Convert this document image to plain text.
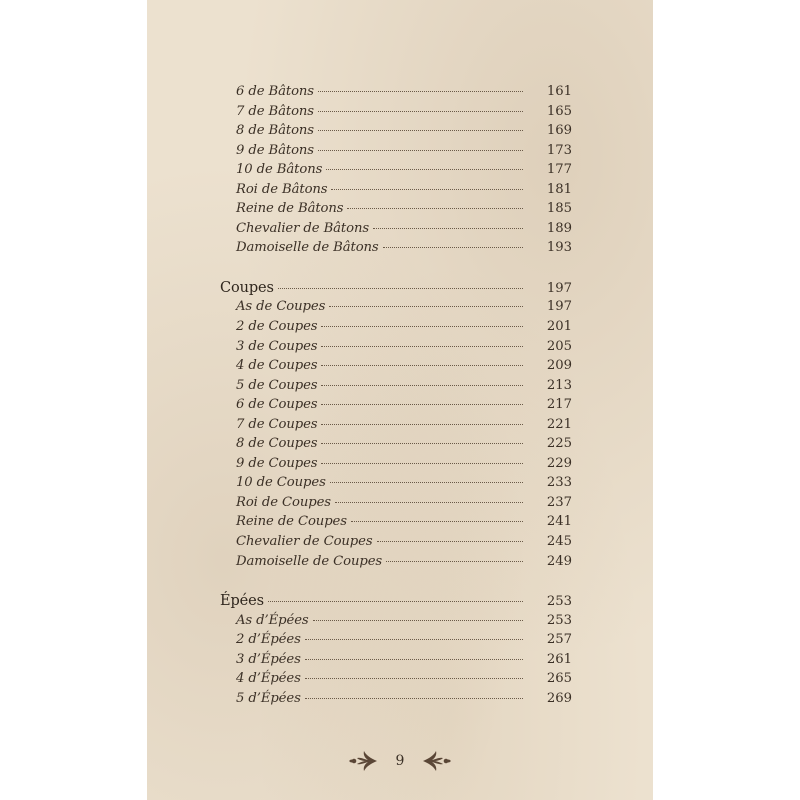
6 de Bâtons	161
7 de Bâtons	165
8 de Bâtons	169
9 de Bâtons	173
10 de Bâtons	177
Roi de Bâtons	181
Reine de Bâtons	185
Chevalier de Bâtons	189
Damoiselle de Bâtons	193
Coupes	197
As de Coupes	197
2 de Coupes	201
3 de Coupes	205
4 de Coupes	209
5 de Coupes	213
6 de Coupes	217
7 de Coupes	221
8 de Coupes	225
9 de Coupes	229
10 de Coupes	233
Roi de Coupes	237
Reine de Coupes	241
Chevalier de Coupes	245
Damoiselle de Coupes	249
Épées	253
As d’Épées	253
2 d’Épées	257
3 d’Épées	261
4 d’Épées	265
5 d’Épées	269
9
